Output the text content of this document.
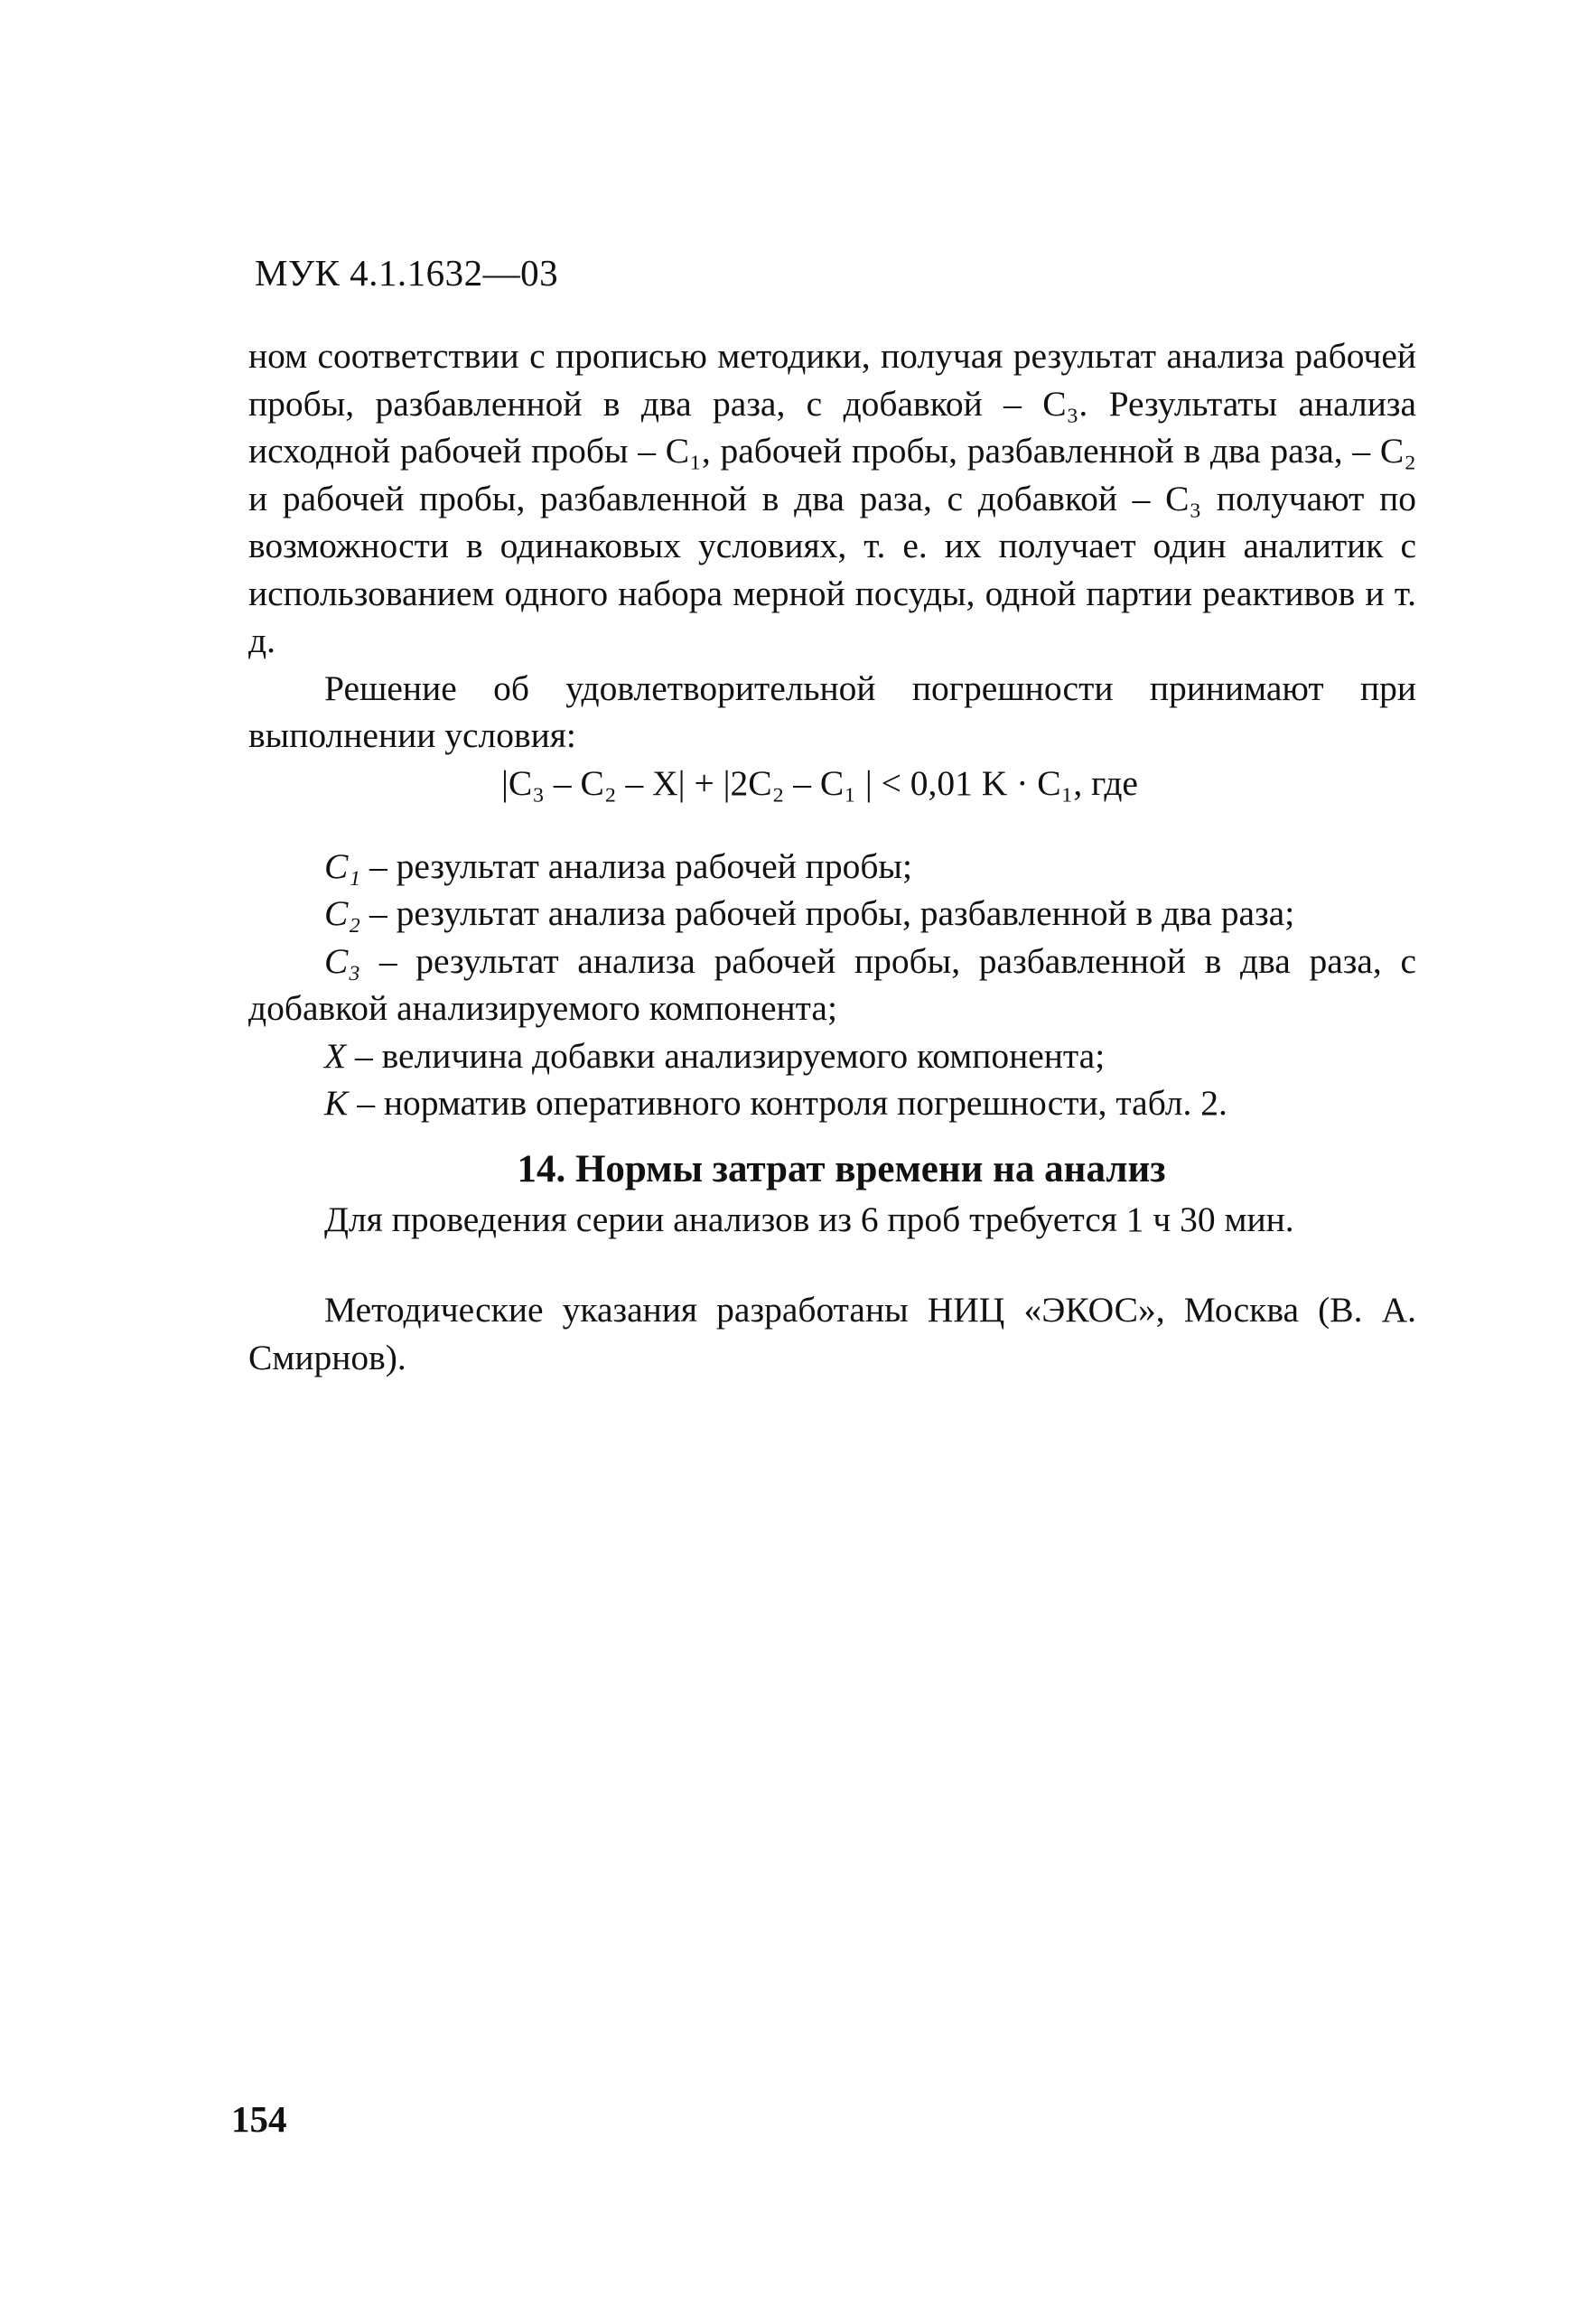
МУК 4.1.1632—03

ном соответствии с прописью методики, получая результат анализа рабочей пробы, разбавленной в два раза, с добавкой – C₃. Результаты анализа исходной рабочей пробы – C₁, рабочей пробы, разбавленной в два раза, – C₂ и рабочей пробы, разбавленной в два раза, с добавкой – C₃ получают по возможности в одинаковых условиях, т. е. их получает один аналитик с использованием одного набора мерной посуды, одной партии реактивов и т. д.

Решение об удовлетворительной погрешности принимают при выполнении условия:

|C₃ – C₂ – X| + |2C₂ – C₁ | < 0,01 K · C₁, где

C₁ – результат анализа рабочей пробы;

C₂ – результат анализа рабочей пробы, разбавленной в два раза;

C₃ – результат анализа рабочей пробы, разбавленной в два раза, с добавкой анализируемого компонента;

X – величина добавки анализируемого компонента;

K – норматив оперативного контроля погрешности, табл. 2.

14. Нормы затрат времени на анализ

Для проведения серии анализов из 6 проб требуется 1 ч 30 мин.

Методические указания разработаны НИЦ «ЭКОС», Москва (В. А. Смирнов).

154
